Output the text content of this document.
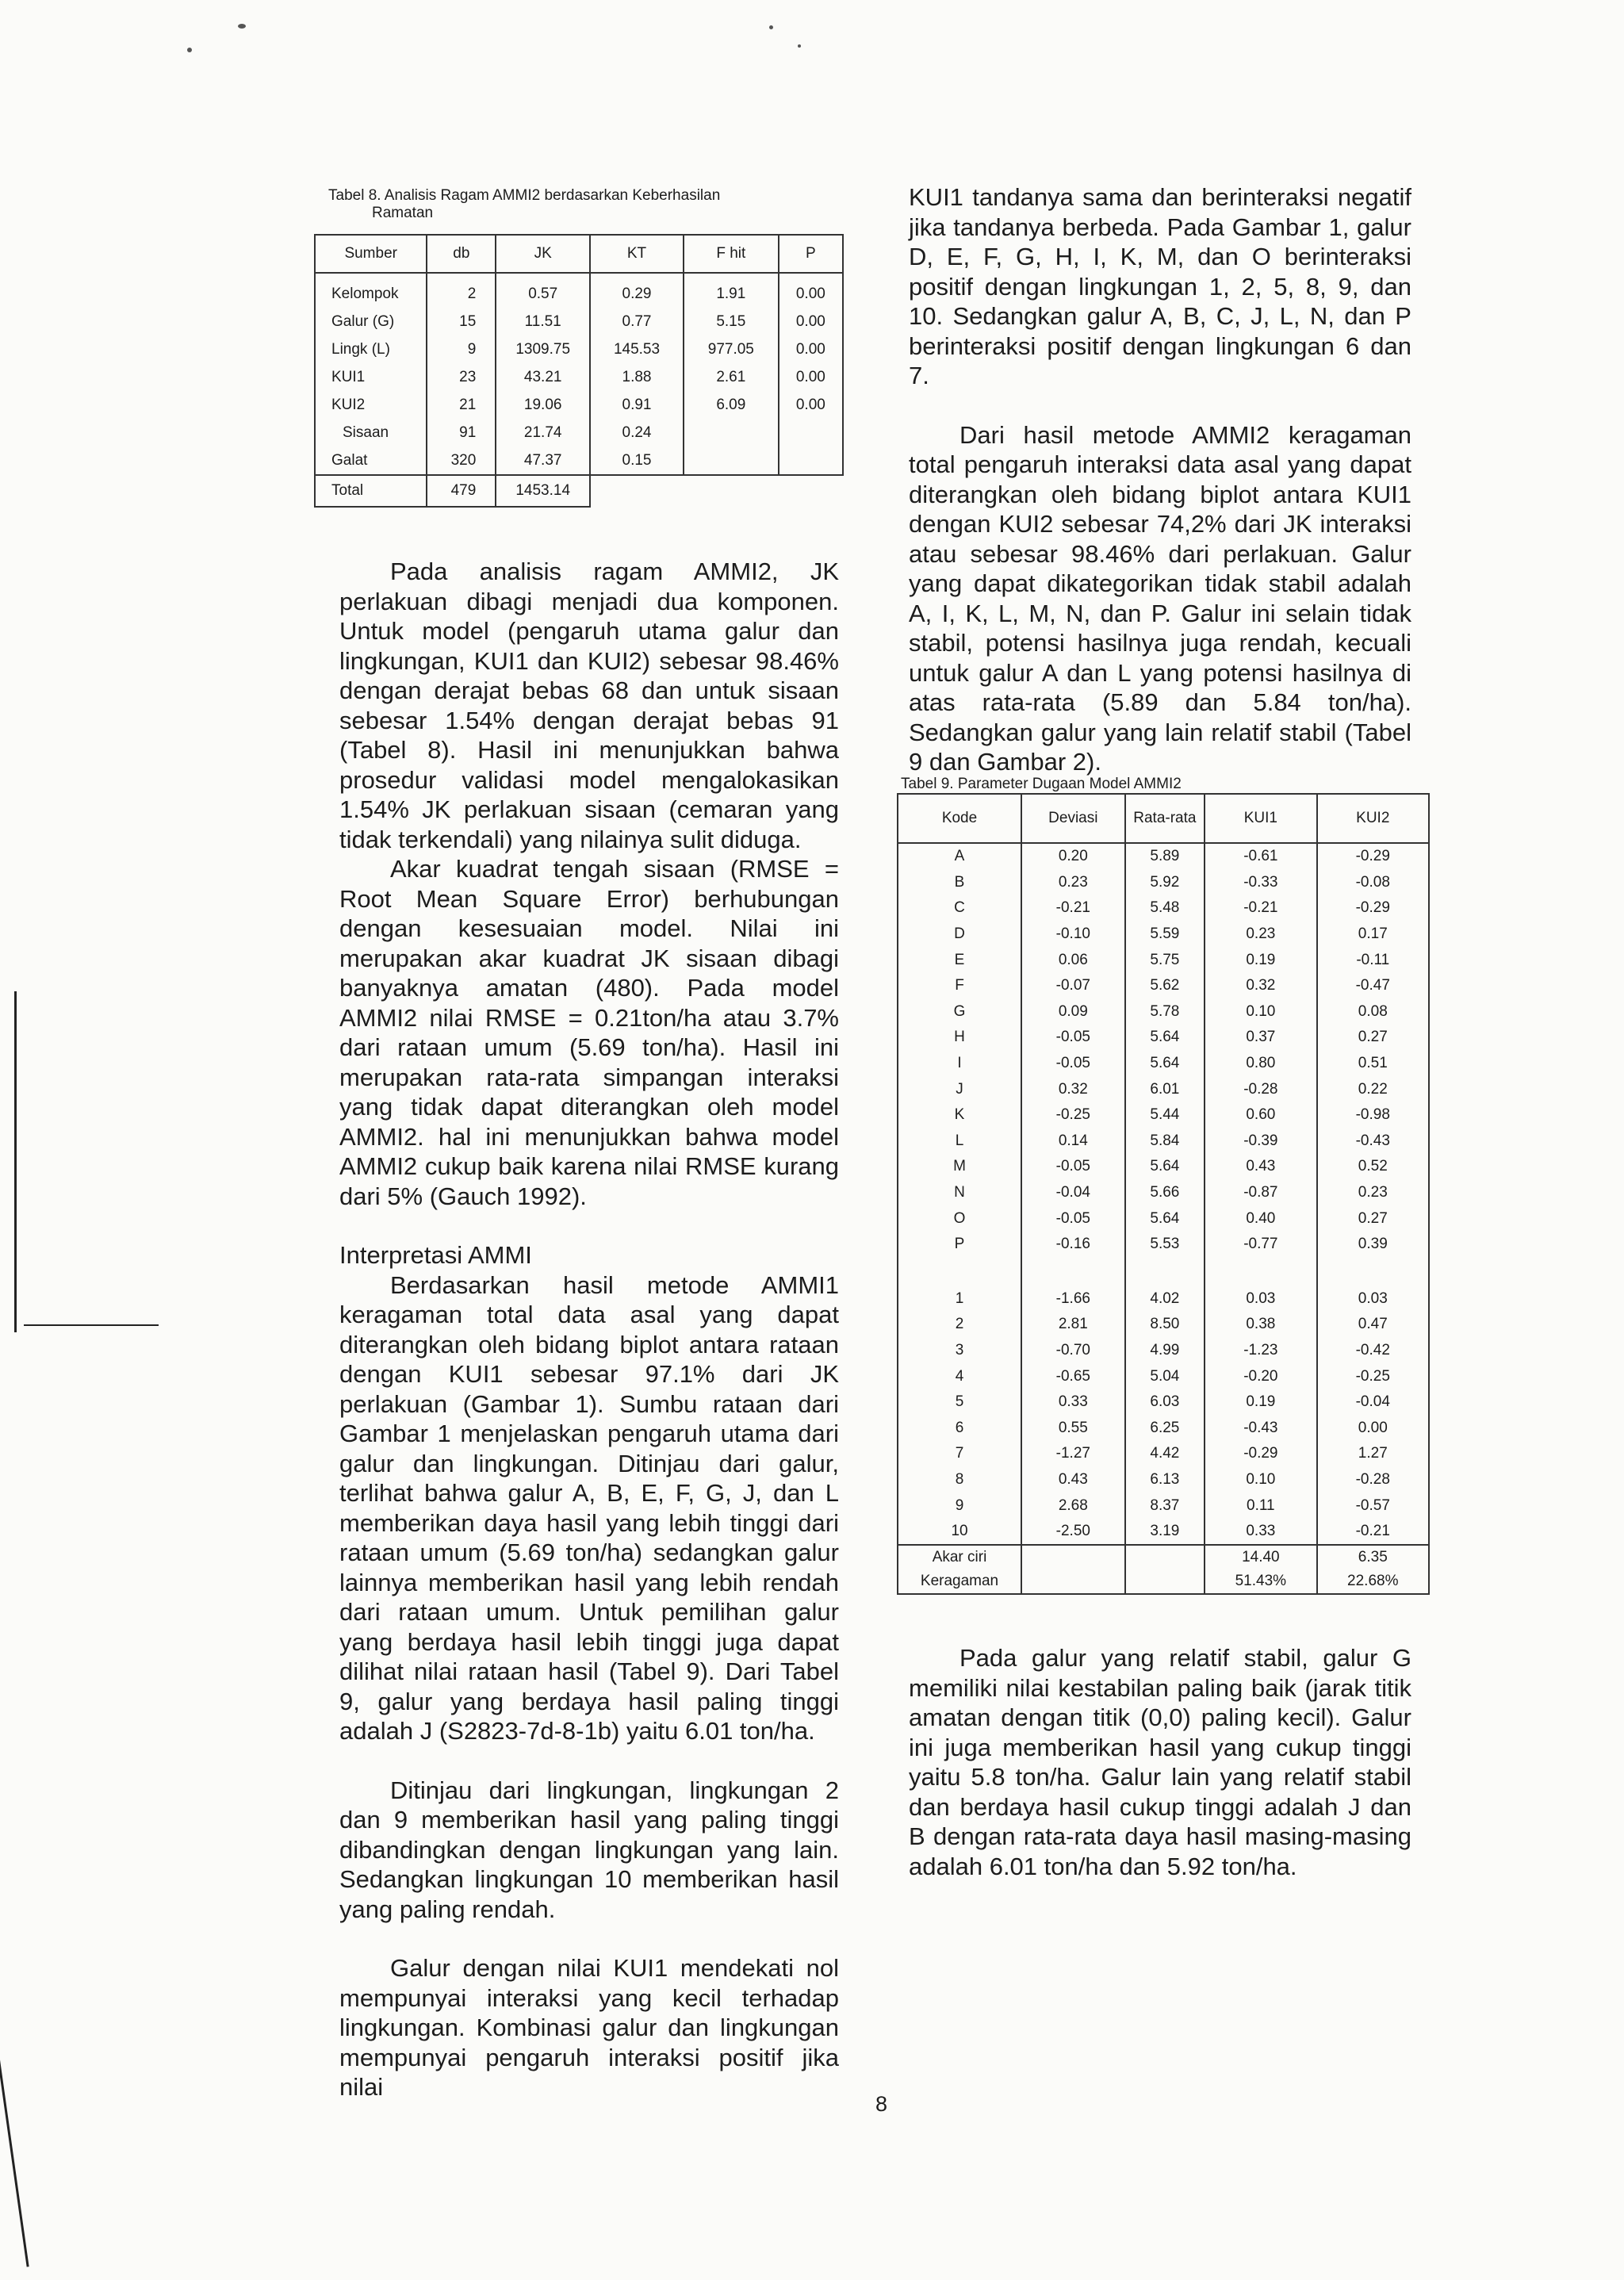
Tabel 8. Analisis Ragam AMMI2 berdasarkan Keberhasilan
Ramatan
Sumber	db	JK	KT	F hit	P
Kelompok	2	0.57	0.29	1.91	0.00
Galur (G)	15	11.51	0.77	5.15	0.00
Lingk (L)	9	1309.75	145.53	977.05	0.00
KUI1	23	43.21	1.88	2.61	0.00
KUI2	21	19.06	0.91	6.09	0.00
Sisaan	91	21.74	0.24		
Galat	320	47.37	0.15		
Total	479	1453.14			

Pada analisis ragam AMMI2, JK perlakuan dibagi menjadi dua komponen. Untuk model (pengaruh utama galur dan lingkungan, KUI1 dan KUI2) sebesar 98.46% dengan derajat bebas 68 dan untuk sisaan sebesar 1.54% dengan derajat bebas 91 (Tabel 8). Hasil ini menunjukkan bahwa prosedur validasi model mengalokasikan 1.54% JK perlakuan sisaan (cemaran yang tidak terkendali) yang nilainya sulit diduga.

Akar kuadrat tengah sisaan (RMSE = Root Mean Square Error) berhubungan dengan kesesuaian model. Nilai ini merupakan akar kuadrat JK sisaan dibagi banyaknya amatan (480). Pada model AMMI2 nilai RMSE = 0.21ton/ha atau 3.7% dari rataan umum (5.69 ton/ha). Hasil ini merupakan rata-rata simpangan interaksi yang tidak dapat diterangkan oleh model AMMI2. hal ini menunjukkan bahwa model AMMI2 cukup baik karena nilai RMSE kurang dari 5% (Gauch 1992).

Interpretasi AMMI

Berdasarkan hasil metode AMMI1 keragaman total data asal yang dapat diterangkan oleh bidang biplot antara rataan dengan KUI1 sebesar 97.1% dari JK perlakuan (Gambar 1). Sumbu rataan dari Gambar 1 menjelaskan pengaruh utama dari galur dan lingkungan. Ditinjau dari galur, terlihat bahwa galur A, B, E, F, G, J, dan L memberikan daya hasil yang lebih tinggi dari rataan umum (5.69 ton/ha) sedangkan galur lainnya memberikan hasil yang lebih rendah dari rataan umum. Untuk pemilihan galur yang berdaya hasil lebih tinggi juga dapat dilihat nilai rataan hasil (Tabel 9). Dari Tabel 9, galur yang berdaya hasil paling tinggi adalah J (S2823-7d-8-1b) yaitu 6.01 ton/ha.

Ditinjau dari lingkungan, lingkungan 2 dan 9 memberikan hasil yang paling tinggi dibandingkan dengan lingkungan yang lain. Sedangkan lingkungan 10 memberikan hasil yang paling rendah.

Galur dengan nilai KUI1 mendekati nol mempunyai interaksi yang kecil terhadap lingkungan. Kombinasi galur dan lingkungan mempunyai pengaruh interaksi positif jika nilai

KUI1 tandanya sama dan berinteraksi negatif jika tandanya berbeda. Pada Gambar 1, galur D, E, F, G, H, I, K, M, dan O berinteraksi positif dengan lingkungan 1, 2, 5, 8, 9, dan 10. Sedangkan galur A, B, C, J, L, N, dan P berinteraksi positif dengan lingkungan 6 dan 7.

Dari hasil metode AMMI2 keragaman total pengaruh interaksi data asal yang dapat diterangkan oleh bidang biplot antara KUI1 dengan KUI2 sebesar 74,2% dari JK interaksi atau sebesar 98.46% dari perlakuan. Galur yang dapat dikategorikan tidak stabil adalah A, I, K, L, M, N, dan P. Galur ini selain tidak stabil, potensi hasilnya juga rendah, kecuali untuk galur A dan L yang potensi hasilnya di atas rata-rata (5.89 dan 5.84 ton/ha). Sedangkan galur yang lain relatif stabil (Tabel 9 dan Gambar 2).

Tabel 9. Parameter Dugaan Model AMMI2
Kode	Deviasi	Rata-rata	KUI1	KUI2
A	0.20	5.89	-0.61	-0.29
B	0.23	5.92	-0.33	-0.08
C	-0.21	5.48	-0.21	-0.29
D	-0.10	5.59	0.23	0.17
E	0.06	5.75	0.19	-0.11
F	-0.07	5.62	0.32	-0.47
G	0.09	5.78	0.10	0.08
H	-0.05	5.64	0.37	0.27
I	-0.05	5.64	0.80	0.51
J	0.32	6.01	-0.28	0.22
K	-0.25	5.44	0.60	-0.98
L	0.14	5.84	-0.39	-0.43
M	-0.05	5.64	0.43	0.52
N	-0.04	5.66	-0.87	0.23
O	-0.05	5.64	0.40	0.27
P	-0.16	5.53	-0.77	0.39

1	-1.66	4.02	0.03	0.03
2	2.81	8.50	0.38	0.47
3	-0.70	4.99	-1.23	-0.42
4	-0.65	5.04	-0.20	-0.25
5	0.33	6.03	0.19	-0.04
6	0.55	6.25	-0.43	0.00
7	-1.27	4.42	-0.29	1.27
8	0.43	6.13	0.10	-0.28
9	2.68	8.37	0.11	-0.57
10	-2.50	3.19	0.33	-0.21
Akar ciri			14.40	6.35
Keragaman			51.43%	22.68%

Pada galur yang relatif stabil, galur G memiliki nilai kestabilan paling baik (jarak titik amatan dengan titik (0,0) paling kecil). Galur ini juga memberikan hasil yang cukup tinggi yaitu 5.8 ton/ha. Galur lain yang relatif stabil dan berdaya hasil cukup tinggi adalah J dan B dengan rata-rata daya hasil masing-masing adalah 6.01 ton/ha dan 5.92 ton/ha.

8
